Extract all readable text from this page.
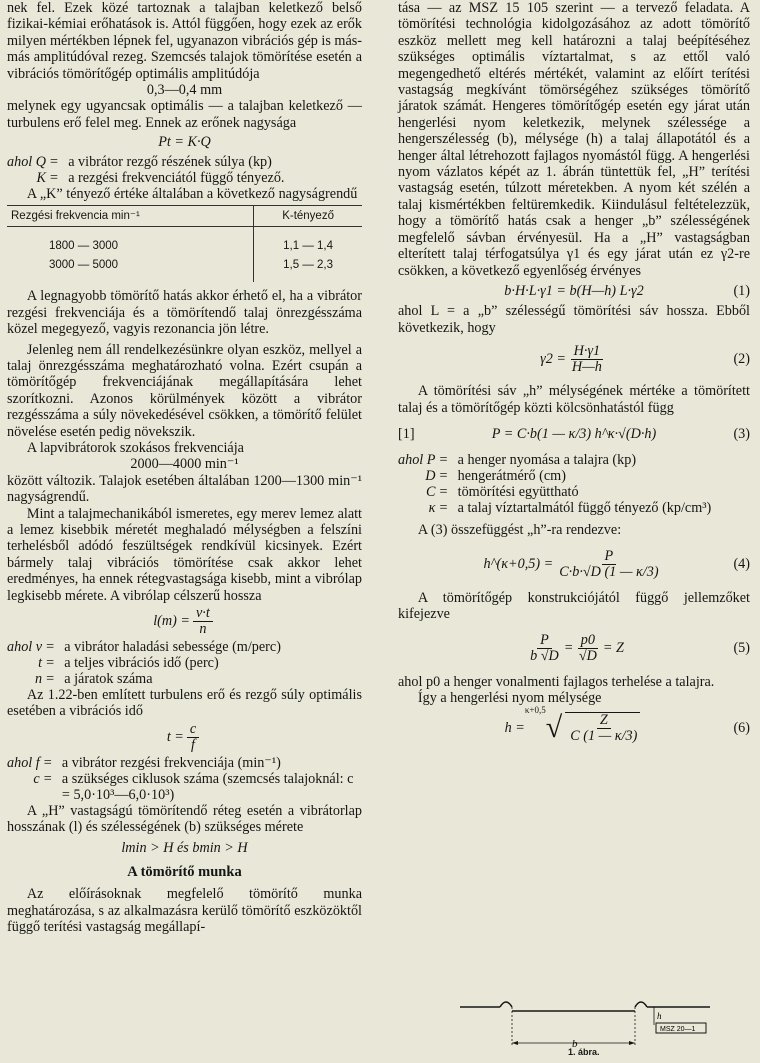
nek fel. Ezek közé tartoznak a talajban keletkező belső fizikai-kémiai erőhatások is. Attól függően, hogy ezek az erők milyen mértékben lépnek fel, ugyanazon vibrációs gép is más-más amplitúdóval rezeg. Szemcsés talajok tömörítése esetén a vibrációs tömörítőgép optimális amplitúdója

0,3—0,4 mm

melynek egy ugyancsak optimális — a talajban keletkező — turbulens erő felel meg. Ennek az erőnek nagysága

Pt = K·Q

ahol Q = a vibrátor rezgő részének súlya (kp)
K = a rezgési frekvenciától függő tényező.

A „K” tényező értéke általában a következő nagyságrendű

Rezgési frekvencia min⁻¹	K-tényező

1800 — 3000	1,1 — 1,4
3000 — 5000	1,5 — 2,3

A legnagyobb tömörítő hatás akkor érhető el, ha a vibrátor rezgési frekvenciája és a tömörítendő talaj önrezgésszáma közel megegyező, vagyis rezonancia jön létre.

Jelenleg nem áll rendelkezésünkre olyan eszköz, mellyel a talaj önrezgésszáma meghatározható volna. Ezért csupán a tömörítőgép frekvenciájának megállapítására lehet szorítkozni. Azonos körülmények között a vibrátor rezgésszáma a súly növekedésével csökken, a tömörítő felület növelése esetén pedig növekszik.

A lapvibrátorok szokásos frekvenciája

2000—4000 min⁻¹

között változik. Talajok esetében általában 1200—1300 min⁻¹ nagyságrendű.

Mint a talajmechanikából ismeretes, egy merev lemez alatt a lemez kisebbik méretét meghaladó mélységben a felszíni terhelésből adódó feszültségek rendkívül kicsinyek. Ezért bármely talaj vibrációs tömörítése csak akkor lehet eredményes, ha ennek rétegvastagsága kisebb, mint a vibrólap legkisebb mérete. A vibrólap célszerű hossza

$l(m) = \frac{v\cdot t}{n}$
ahol v = a vibrátor haladási sebessége (m/perc)
t = a teljes vibrációs idő (perc)
n = a járatok száma

Az 1.22-ben említett turbulens erő és rezgő súly optimális esetében a vibrációs idő

$t = \frac{c}{f}$
ahol f = a vibrátor rezgési frekvenciája (min⁻¹)
c = a szükséges ciklusok száma (szemcsés talajoknál: c = 5,0·10³—6,0·10³)

A „H” vastagságú tömörítendő réteg esetén a vibrátorlap hosszának (l) és szélességének (b) szükséges mérete

lmin > H és bmin > H

A tömörítő munka

Az előírásoknak megfelelő tömörítő munka meghatározása, s az alkalmazásra kerülő tömörítő eszközöktől függő terítési vastagság megállapí-

tása — az MSZ 15 105 szerint — a tervező feladata. A tömörítési technológia kidolgozásához az adott tömörítő eszköz mellett meg kell határozni a talaj beépítéséhez szükséges optimális víztartalmat, s az ettől való megengedhető eltérés mértékét, valamint az előírt terítési vastagság megkívánt tömörségéhez szükséges tömörítő járatok számát. Hengeres tömörítőgép esetén egy járat után hengerlési nyom keletkezik, melynek szélessége a hengerszélesség (b), mélysége (h) a talaj állapotától és a henger által létrehozott fajlagos nyomástól függ. A hengerlési nyom vázlatos képét az 1. ábrán tüntettük fel, „H” terítési vastagság esetén, túlzott méretekben. A nyom két szélén a talaj kismértékben feltüremkedik. Kiindulásul feltételezzük, hogy a tömörítő hatás csak a henger „b” szélességének megfelelő sávban érvényesül. Ha a „H” vastagságban elterített talaj térfogatsúlya γ1 és egy járat után ez γ2-re csökken, a következő egyenlőség érvényes

b·H·L·γ1 = b(H—h) L·γ2	(1)

ahol L = a „b” szélességű tömörítési sáv hossza. Ebből következik, hogy

$\gamma 2 = \frac{H\cdot\gamma 1}{H—h}$	(2)

A tömörítési sáv „h” mélységének mértéke a tömörített talaj és a tömörítőgép közti kölcsönhatástól függ

[1]	P = C·b(1 — κ/3) h^κ·√(D·h)	(3)
ahol P = a henger nyomása a talajra (kp)
D = hengerátmérő (cm)
C = tömörítési együttható
κ = a talaj víztartalmától függő tényező (kp/cm³)

A (3) összefüggést „h”-ra rendezve:

h^(κ+0,5) = $\frac{P}{C\cdot b\cdot√D (1 — \kappa/3)}$	(4)

A tömörítőgép konstrukciójától függő jellemzőket kifejezve

$\frac{P}{b √D} = \frac{p0}{√D} = Z$	(5)

ahol p0 a henger vonalmenti fajlagos terhelése a talajra.

Így a hengerlési nyom mélysége

h =
κ+0,5
√ $\frac{Z}{C (1 — \kappa/3)}$	(6)
b
h
MSZ 20—1
1. ábra.
